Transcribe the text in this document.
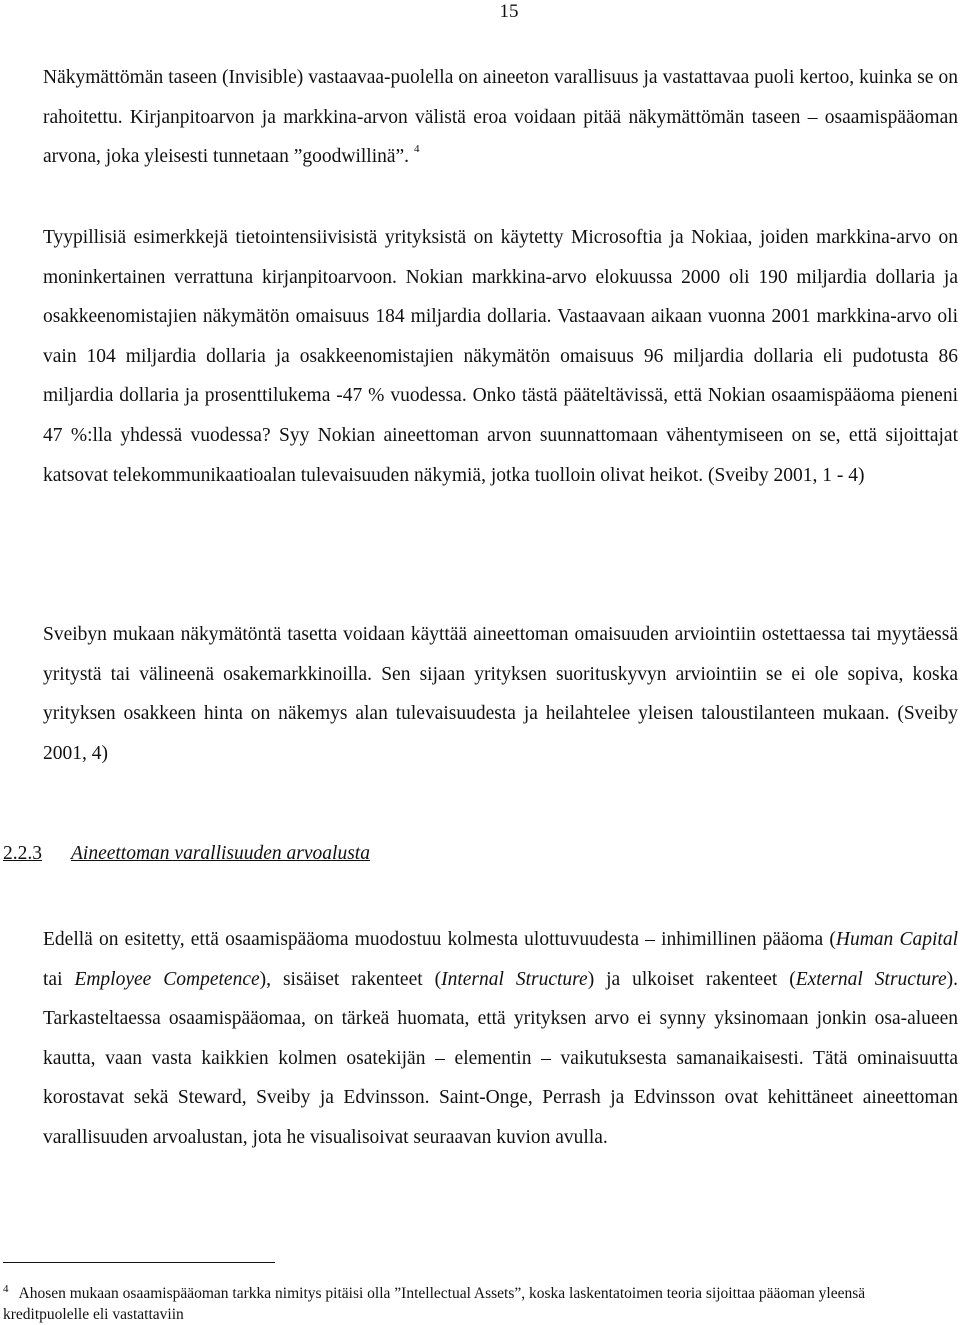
15

Näkymättömän taseen (Invisible) vastaavaa-puolella on aineeton varallisuus ja vastattavaa puoli kertoo, kuinka se on rahoitettu. Kirjanpitoarvon ja markkina-arvon välistä eroa voidaan pitää näkymättömän taseen – osaamispääoman arvona, joka yleisesti tunnetaan ”goodwillinä”. $^4$

Tyypillisiä esimerkkejä tietointensiivisistä yrityksistä on käytetty Microsoftia ja Nokiaa, joiden markkina-arvo on moninkertainen verrattuna kirjanpitoarvoon. Nokian markkina-arvo elokuussa 2000 oli 190 miljardia dollaria ja osakkeenomistajien näkymätön omaisuus 184 miljardia dollaria. Vastaavaan aikaan vuonna 2001 markkina-arvo oli vain 104 miljardia dollaria ja osakkeenomistajien näkymätön omaisuus 96 miljardia dollaria eli pudotusta 86 miljardia dollaria ja prosenttilukema -47 % vuodessa. Onko tästä pääteltävissä, että Nokian osaamispääoma pieneni 47 %:lla yhdessä vuodessa? Syy Nokian aineettoman arvon suunnattomaan vähentymiseen on se, että sijoittajat katsovat telekommunikaatioalan tulevaisuuden näkymiä, jotka tuolloin olivat heikot. (Sveiby 2001, 1 - 4)

Sveibyn mukaan näkymätöntä tasetta voidaan käyttää aineettoman omaisuuden arviointiin ostettaessa tai myytäessä yritystä tai välineenä osakemarkkinoilla. Sen sijaan yrityksen suorituskyvyn arviointiin se ei ole sopiva, koska yrityksen osakkeen hinta on näkemys alan tulevaisuudesta ja heilahtelee yleisen taloustilanteen mukaan. (Sveiby 2001, 4)

2.2.3 Aineettoman varallisuuden arvoalusta

Edellä on esitetty, että osaamispääoma muodostuu kolmesta ulottuvuudesta – inhimillinen pääoma (Human Capital tai Employee Competence), sisäiset rakenteet (Internal Structure) ja ulkoiset rakenteet (External Structure). Tarkasteltaessa osaamispääomaa, on tärkeä huomata, että yrityksen arvo ei synny yksinomaan jonkin osa-alueen kautta, vaan vasta kaikkien kolmen osatekijän – elementin – vaikutuksesta samanaikaisesti. Tätä ominaisuutta korostavat sekä Steward, Sveiby ja Edvinsson. Saint-Onge, Perrash ja Edvinsson ovat kehittäneet aineettoman varallisuuden arvoalustan, jota he visualisoivat seuraavan kuvion avulla.

$^4$ Ahosen mukaan osaamispääoman tarkka nimitys pitäisi olla ”Intellectual Assets”, koska laskentatoimen teoria sijoittaa pääoman yleensä kreditpuolelle eli vastattaviin
